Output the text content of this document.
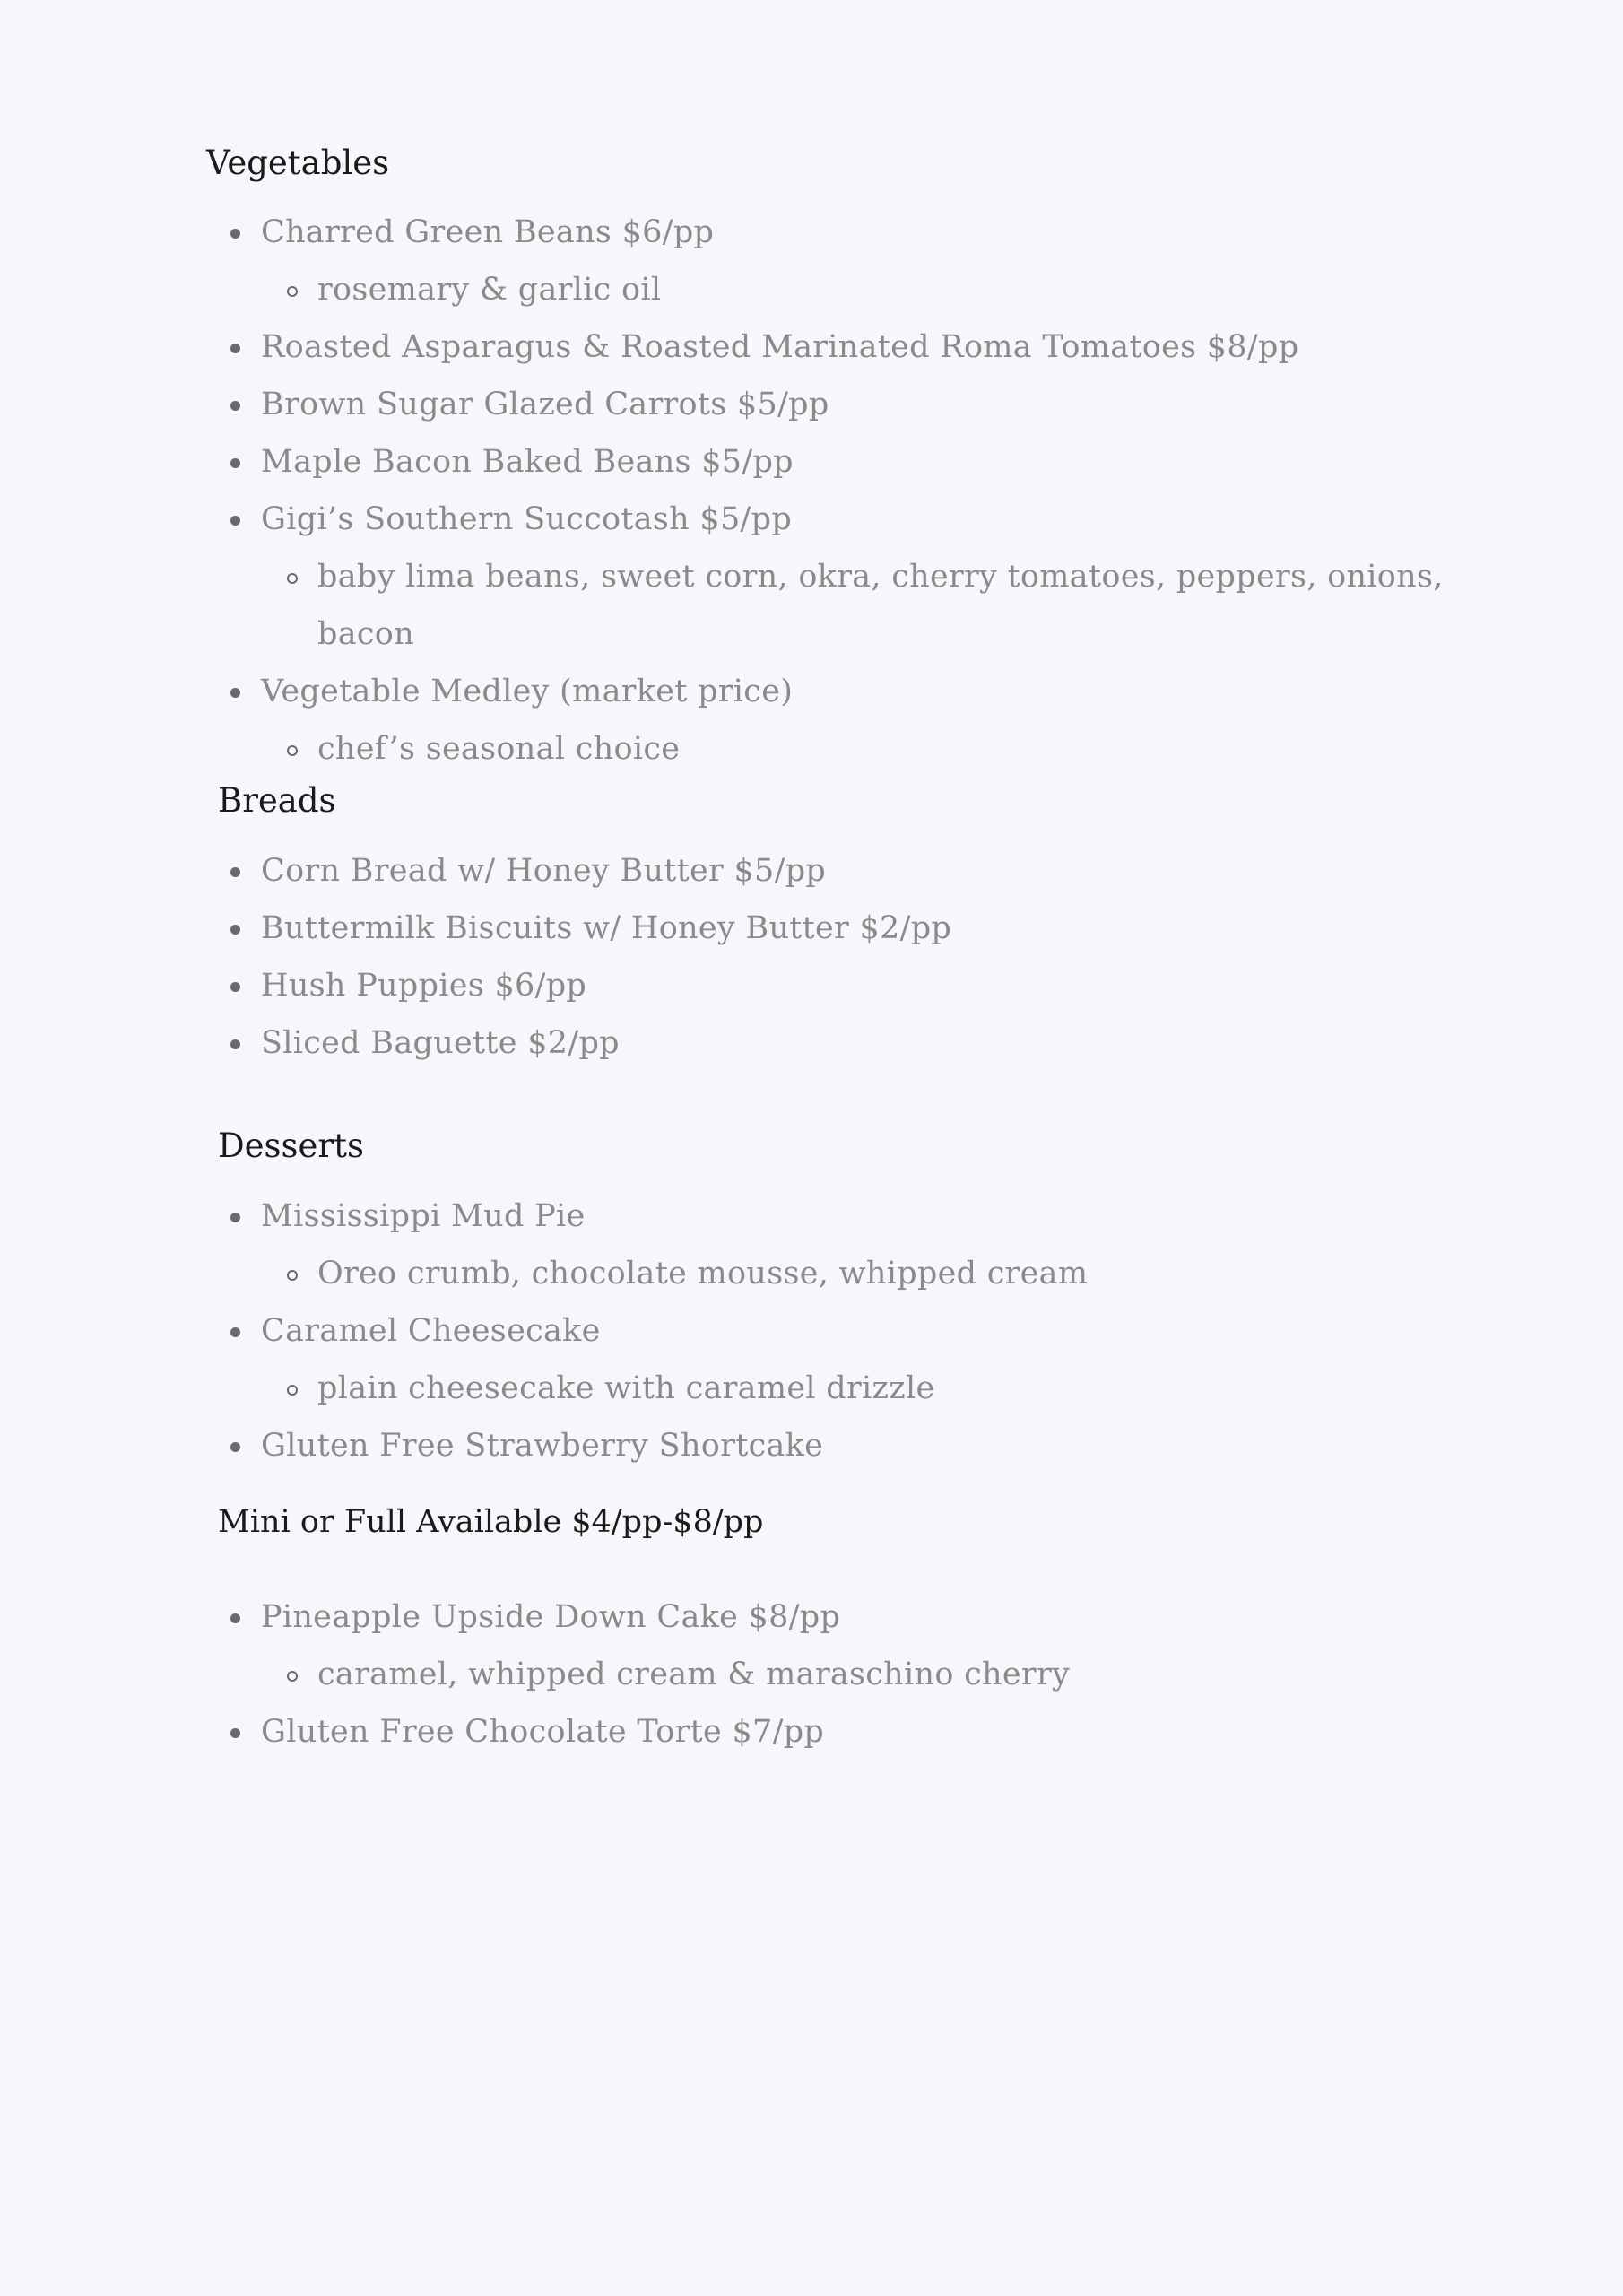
Vegetables
Charred Green Beans $6/pp
rosemary & garlic oil
Roasted Asparagus & Roasted Marinated Roma Tomatoes $8/pp
Brown Sugar Glazed Carrots $5/pp
Maple Bacon Baked Beans $5/pp
Gigi’s Southern Succotash $5/pp
baby lima beans, sweet corn, okra, cherry tomatoes, peppers, onions,
bacon
Vegetable Medley (market price)
chef’s seasonal choice
Breads
Corn Bread w/ Honey Butter $5/pp
Buttermilk Biscuits w/ Honey Butter $2/pp
Hush Puppies $6/pp
Sliced Baguette $2/pp
Desserts
Mississippi Mud Pie
Oreo crumb, chocolate mousse, whipped cream
Caramel Cheesecake
plain cheesecake with caramel drizzle
Gluten Free Strawberry Shortcake

Mini or Full Available $4/pp-$8/pp

Pineapple Upside Down Cake $8/pp
caramel, whipped cream & maraschino cherry
Gluten Free Chocolate Torte $7/pp
